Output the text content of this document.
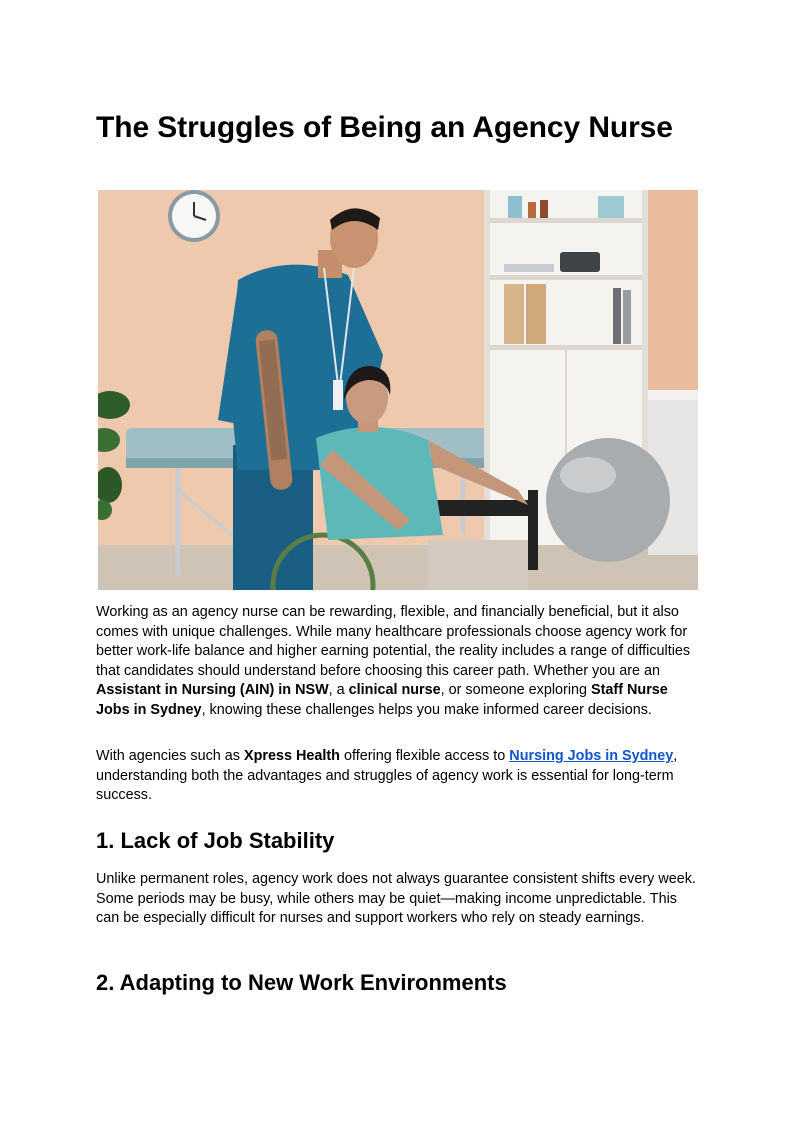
The Struggles of Being an Agency Nurse

Working as an agency nurse can be rewarding, flexible, and financially beneficial, but it also comes with unique challenges. While many healthcare professionals choose agency work for better work-life balance and higher earning potential, the reality includes a range of difficulties that candidates should understand before choosing this career path. Whether you are an Assistant in Nursing (AIN) in NSW, a clinical nurse, or someone exploring Staff Nurse Jobs in Sydney, knowing these challenges helps you make informed career decisions.

With agencies such as Xpress Health offering flexible access to Nursing Jobs in Sydney, understanding both the advantages and struggles of agency work is essential for long-term success.

1. Lack of Job Stability

Unlike permanent roles, agency work does not always guarantee consistent shifts every week. Some periods may be busy, while others may be quiet—making income unpredictable. This can be especially difficult for nurses and support workers who rely on steady earnings.

2. Adapting to New Work Environments
